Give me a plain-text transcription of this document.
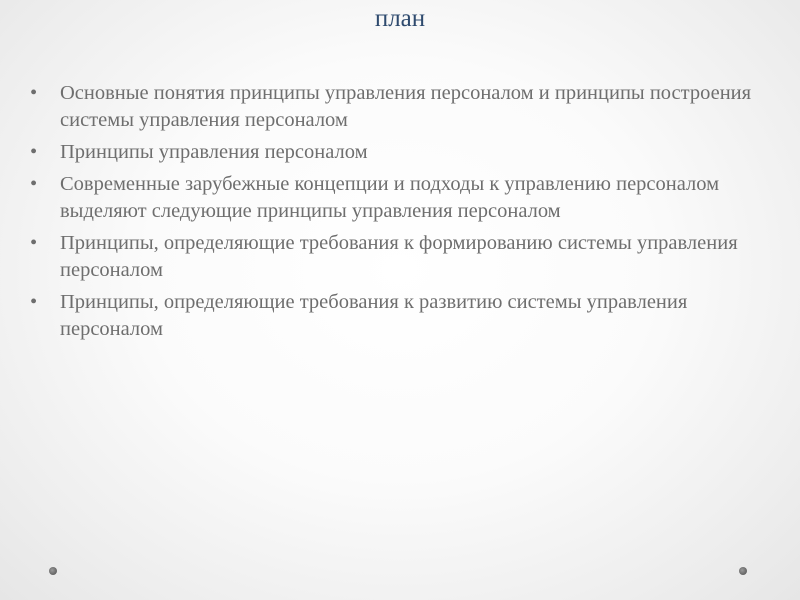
план
• Основные понятия принципы управления персоналом и принципы построения системы управления персоналом
• Принципы управления персоналом
• Современные зарубежные концепции и подходы к управлению персоналом выделяют следующие принципы управления персоналом
• Принципы, определяющие требования к формированию системы управления персоналом
• Принципы, определяющие требования к развитию системы управления персоналом
